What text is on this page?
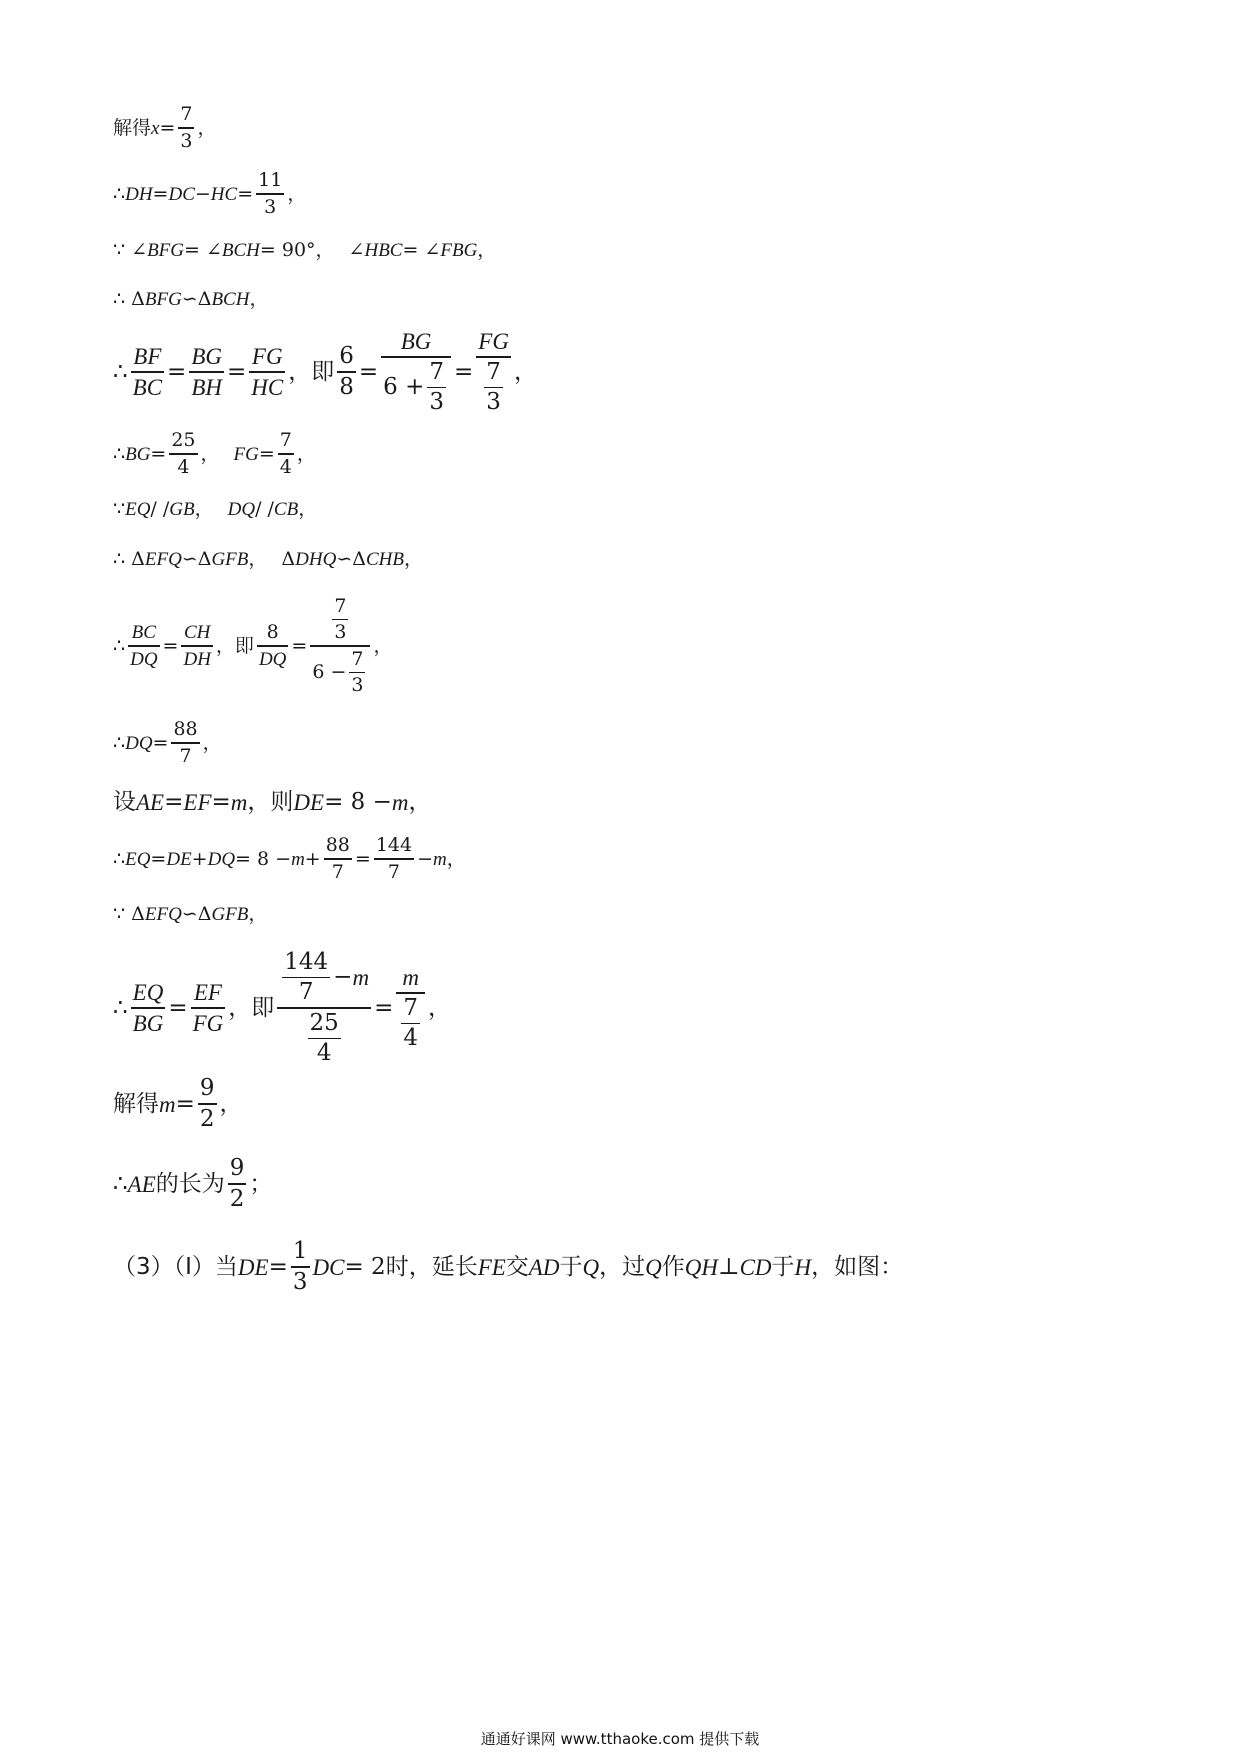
解得 $x = \frac{7}{3}$ ，
∴ DH = DC − HC = $\frac{11}{3}$ ，
∵ ∠ BFG = ∠ BCH = 90° ， ∠ HBC = ∠ FBG ，
∴ Δ BFG ∽Δ BCH ，
∴ $\frac{BF}{BC} = \frac{BG}{BH} = \frac{FG}{HC}$ ，即 $\frac{6}{8} = \frac{BG}{6 + \frac{7}{3}} = \frac{FG}{\frac{7}{3}}$ ，
∴ BG = $\frac{25}{4}$ ， FG = $\frac{7}{4}$ ，
∵ EQ / / GB ， DQ / / CB ，
∴ Δ EFQ ∽Δ GFB ， Δ DHQ ∽Δ CHB ，
∴ $\frac{BC}{DQ} = \frac{CH}{DH}$ ，即 $\frac{8}{DQ} = \frac{\frac{7}{3}}{6 - \frac{7}{3}}$ ，
∴ DQ = $\frac{88}{7}$ ，
设 AE = EF = m ，则 DE = 8 − m ，
∴ EQ = DE + DQ = $8 - m + \frac{88}{7} = \frac{144}{7} - m$ ，
∵ Δ EFQ ∽Δ GFB ，
∴ $\frac{EQ}{BG} = \frac{EF}{FG}$ ，即 $\frac{\frac{144}{7} - m}{\frac{25}{4}} = \frac{m}{\frac{7}{4}}$ ，
解得 $m = \frac{9}{2}$ ，
∴ AE 的长为 $\frac{9}{2}$ ；
（3）（Ⅰ）当 DE = $\frac{1}{3}$ DC = 2 时，延长 FE 交 AD 于 Q ，过 Q 作 QH ⊥ CD 于 H ，如图：
通通好课网 www.tthaoke.com 提供下载
